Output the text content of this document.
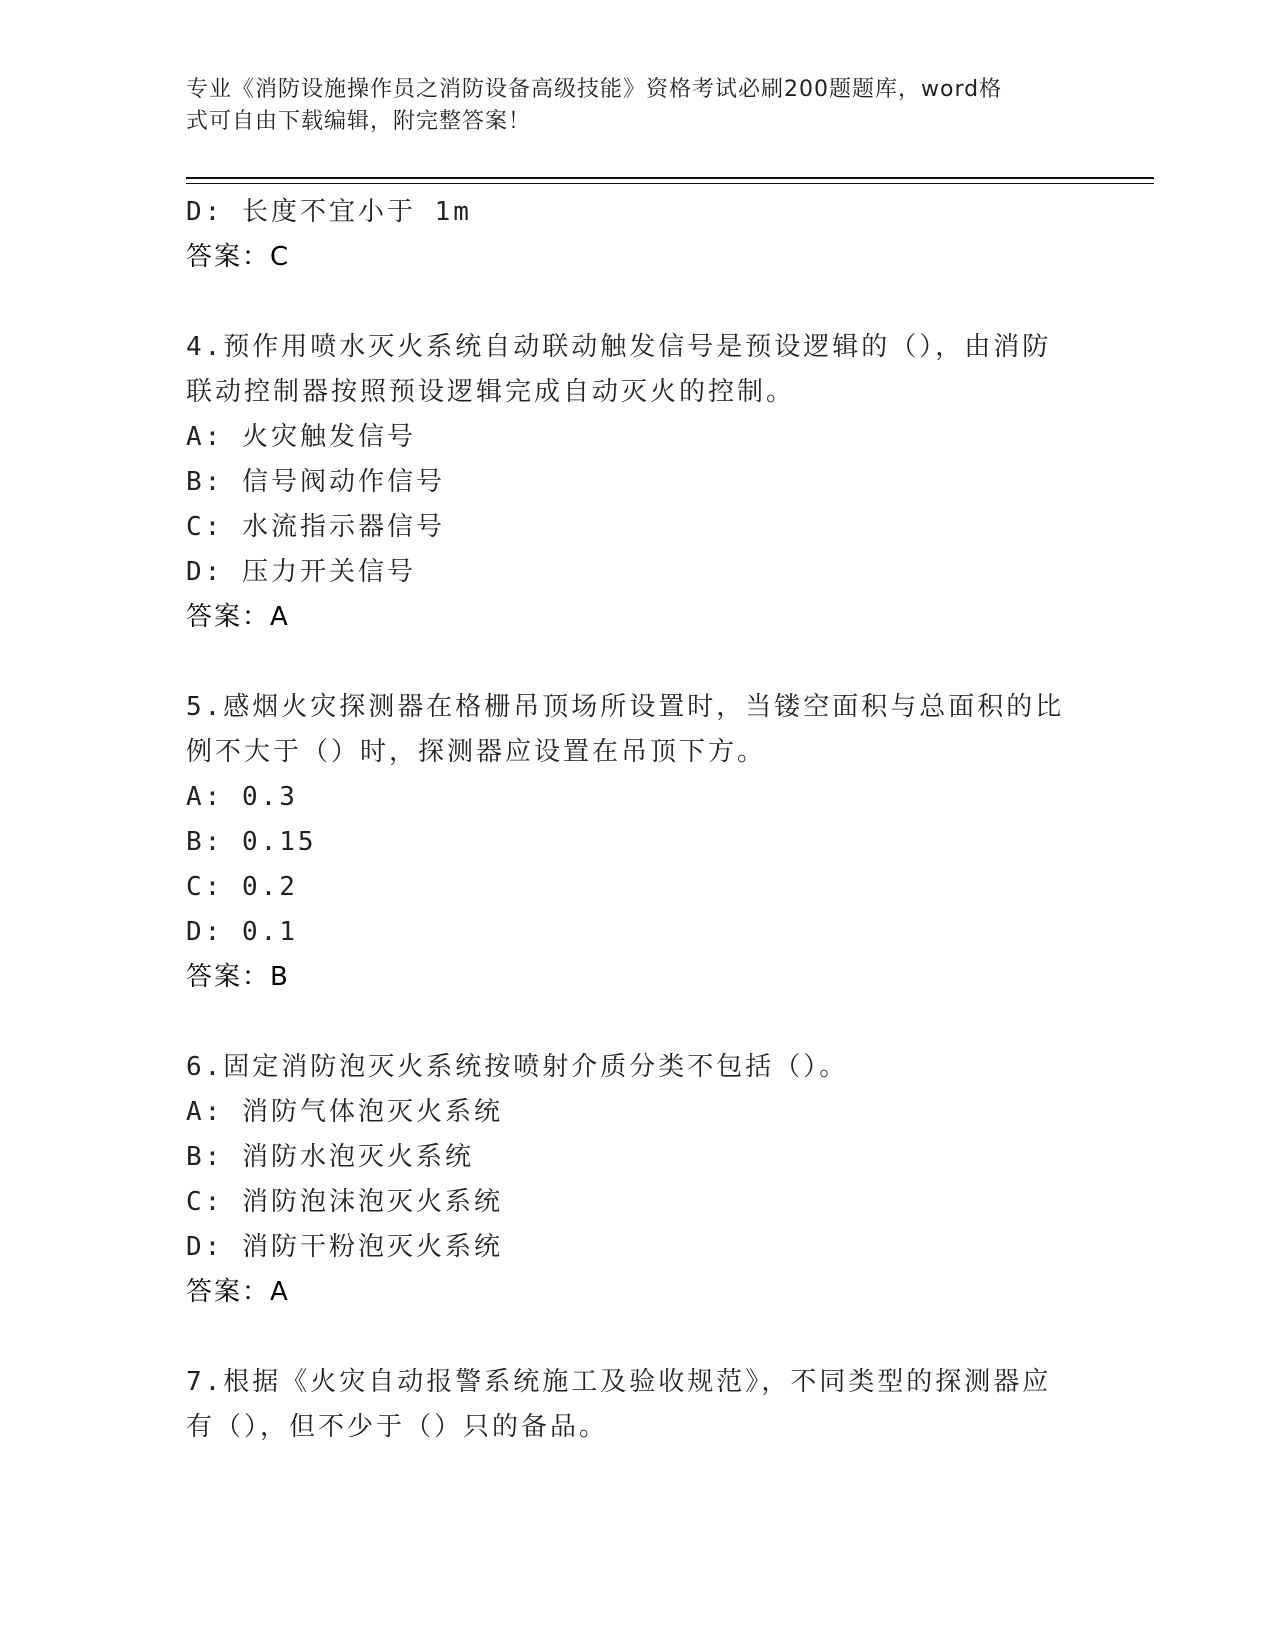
专业《消防设施操作员之消防设备高级技能》资格考试必刷200题题库，word格
式可自由下载编辑，附完整答案！
D: 长度不宜小于 1m
答案：C
4.预作用喷水灭火系统自动联动触发信号是预设逻辑的（），由消防
联动控制器按照预设逻辑完成自动灭火的控制。
A: 火灾触发信号
B: 信号阀动作信号
C: 水流指示器信号
D: 压力开关信号
答案：A
5.感烟火灾探测器在格栅吊顶场所设置时，当镂空面积与总面积的比
例不大于（）时，探测器应设置在吊顶下方。
A: 0.3
B: 0.15
C: 0.2
D: 0.1
答案：B
6.固定消防泡灭火系统按喷射介质分类不包括（）。
A: 消防气体泡灭火系统
B: 消防水泡灭火系统
C: 消防泡沫泡灭火系统
D: 消防干粉泡灭火系统
答案：A
7.根据《火灾自动报警系统施工及验收规范》，不同类型的探测器应
有（），但不少于（）只的备品。
